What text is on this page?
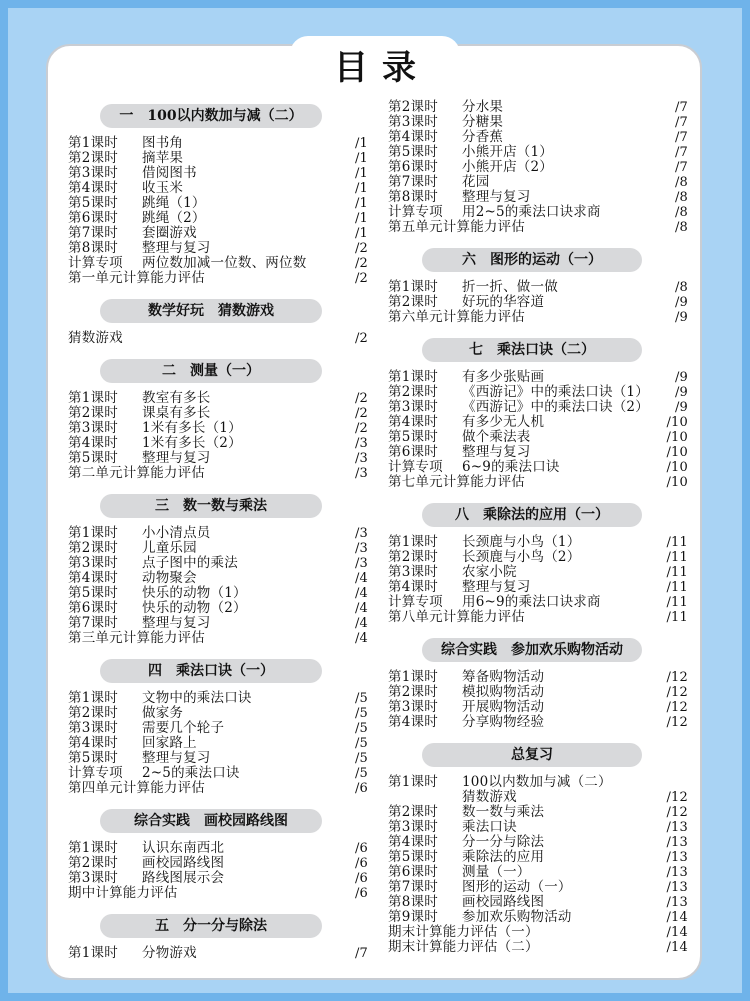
目录
一　100以内数加与减（二）
第1课时 图书角	/1
第2课时 摘苹果	/1
第3课时 借阅图书	/1
第4课时 收玉米	/1
第5课时 跳绳（1）	/1
第6课时 跳绳（2）	/1
第7课时 套圈游戏	/1
第8课时 整理与复习	/2
计算专项 两位数加减一位数、两位数	/2
第一单元计算能力评估	/2
数学好玩　猜数游戏
猜数游戏	/2
二　测量（一）
第1课时 教室有多长	/2
第2课时 课桌有多长	/2
第3课时 1米有多长（1）	/2
第4课时 1米有多长（2）	/3
第5课时 整理与复习	/3
第二单元计算能力评估	/3
三　数一数与乘法
第1课时 小小清点员	/3
第2课时 儿童乐园	/3
第3课时 点子图中的乘法	/3
第4课时 动物聚会	/4
第5课时 快乐的动物（1）	/4
第6课时 快乐的动物（2）	/4
第7课时 整理与复习	/4
第三单元计算能力评估	/4
四　乘法口诀（一）
第1课时 文物中的乘法口诀	/5
第2课时 做家务	/5
第3课时 需要几个轮子	/5
第4课时 回家路上	/5
第5课时 整理与复习	/5
计算专项 2~5的乘法口诀	/5
第四单元计算能力评估	/6
综合实践　画校园路线图
第1课时 认识东南西北	/6
第2课时 画校园路线图	/6
第3课时 路线图展示会	/6
期中计算能力评估	/6
五　分一分与除法
第1课时 分物游戏	/7
第2课时 分水果	/7
第3课时 分糖果	/7
第4课时 分香蕉	/7
第5课时 小熊开店（1）	/7
第6课时 小熊开店（2）	/7
第7课时 花园	/8
第8课时 整理与复习	/8
计算专项 用2~5的乘法口诀求商	/8
第五单元计算能力评估	/8
六　图形的运动（一）
第1课时 折一折、做一做	/8
第2课时 好玩的华容道	/9
第六单元计算能力评估	/9
七　乘法口诀（二）
第1课时 有多少张贴画	/9
第2课时 《西游记》中的乘法口诀（1） /9
第3课时 《西游记》中的乘法口诀（2） /9
第4课时 有多少无人机	/10
第5课时 做个乘法表	/10
第6课时 整理与复习	/10
计算专项 6~9的乘法口诀	/10
第七单元计算能力评估	/10
八　乘除法的应用（一）
第1课时 长颈鹿与小鸟（1）	/11
第2课时 长颈鹿与小鸟（2）	/11
第3课时 农家小院	/11
第4课时 整理与复习	/11
计算专项 用6~9的乘法口诀求商	/11
第八单元计算能力评估	/11
综合实践　参加欢乐购物活动
第1课时 筹备购物活动	/12
第2课时 模拟购物活动	/12
第3课时 开展购物活动	/12
第4课时 分享购物经验	/12
总复习
第1课时 100以内数加与减（二）
猜数游戏	/12
第2课时 数一数与乘法	/12
第3课时 乘法口诀	/13
第4课时 分一分与除法	/13
第5课时 乘除法的应用	/13
第6课时 测量（一）	/13
第7课时 图形的运动（一）	/13
第8课时 画校园路线图	/13
第9课时 参加欢乐购物活动	/14
期末计算能力评估（一）	/14
期末计算能力评估（二）	/14
